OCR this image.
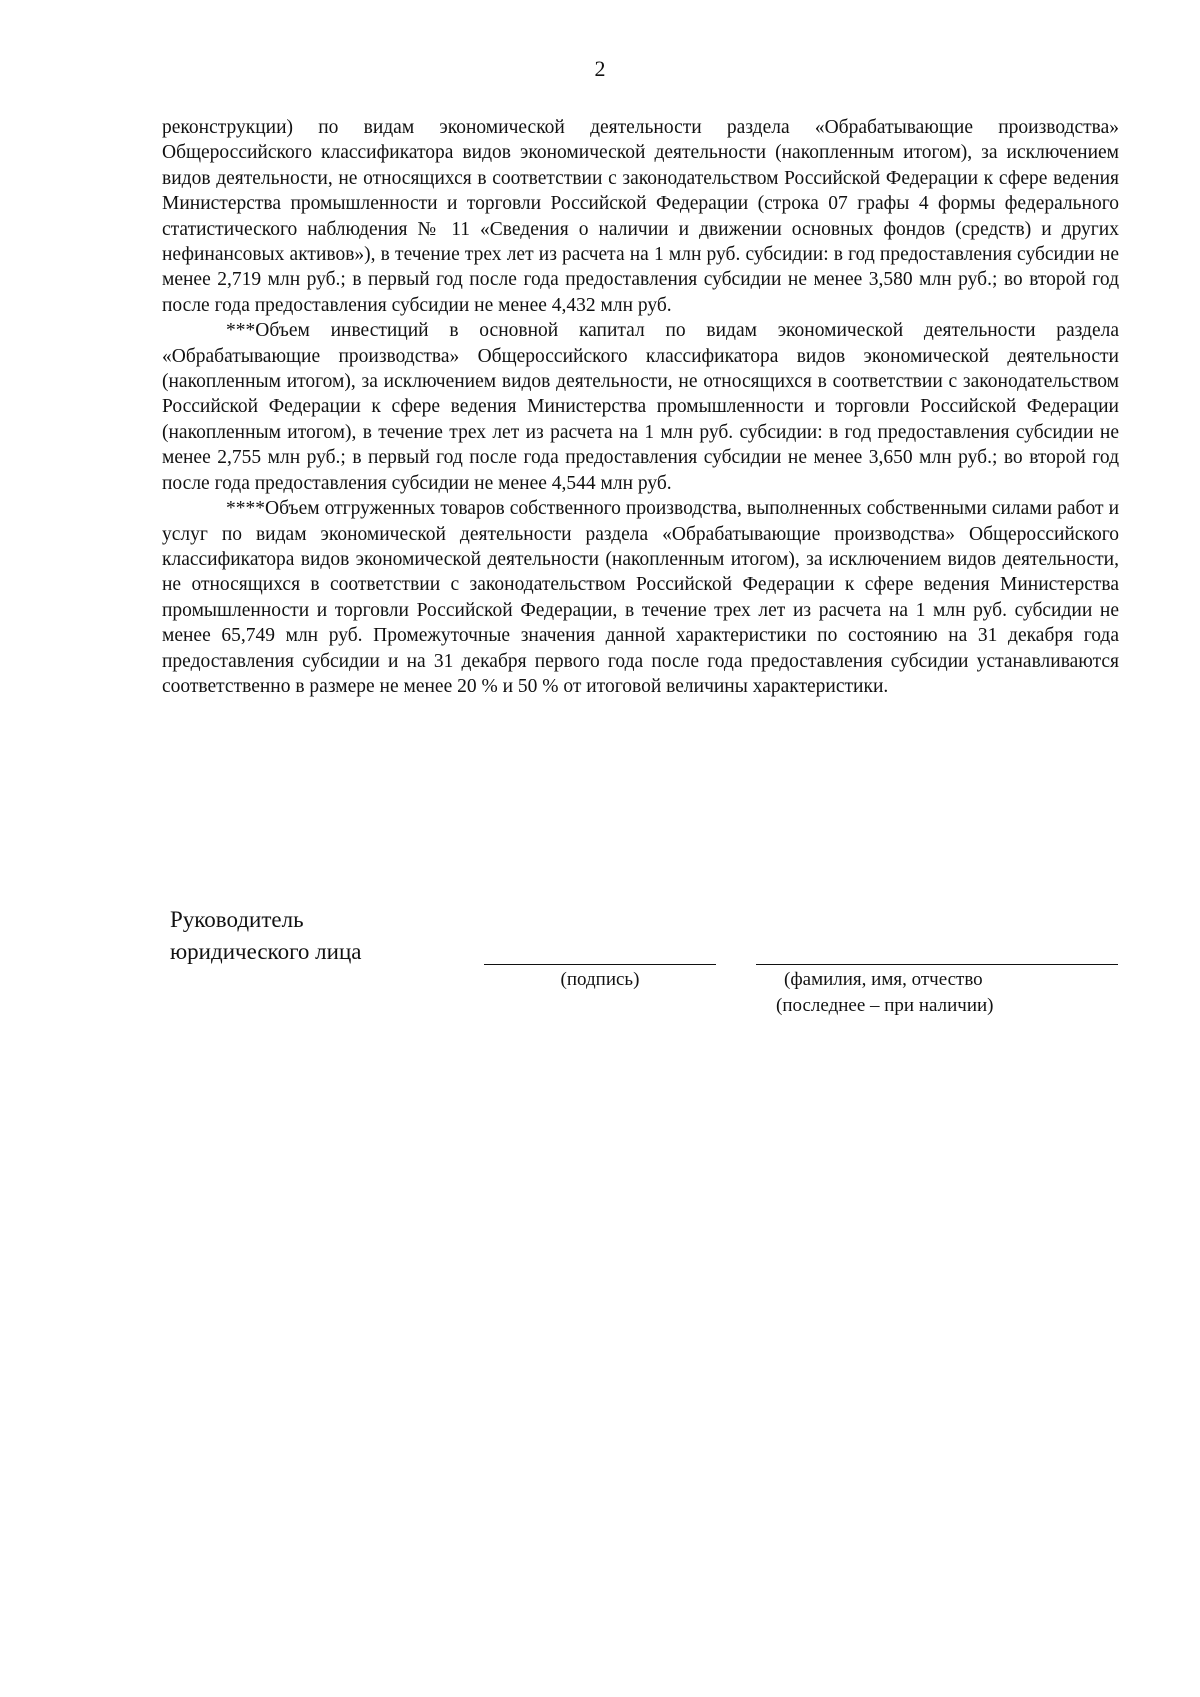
2

реконструкции) по видам экономической деятельности раздела «Обрабатывающие производства» Общероссийского классификатора видов экономической деятельности (накопленным итогом), за исключением видов деятельности, не относящихся в соответствии с законодательством Российской Федерации к сфере ведения Министерства промышленности и торговли Российской Федерации (строка 07 графы 4 формы федерального статистического наблюдения № 11 «Сведения о наличии и движении основных фондов (средств) и других нефинансовых активов»), в течение трех лет из расчета на 1 млн руб. субсидии: в год предоставления субсидии не менее 2,719 млн руб.; в первый год после года предоставления субсидии не менее 3,580 млн руб.; во второй год после года предоставления субсидии не менее 4,432 млн руб.

***Объем инвестиций в основной капитал по видам экономической деятельности раздела «Обрабатывающие производства» Общероссийского классификатора видов экономической деятельности (накопленным итогом), за исключением видов деятельности, не относящихся в соответствии с законодательством Российской Федерации к сфере ведения Министерства промышленности и торговли Российской Федерации (накопленным итогом), в течение трех лет из расчета на 1 млн руб. субсидии: в год предоставления субсидии не менее 2,755 млн руб.; в первый год после года предоставления субсидии не менее 3,650 млн руб.; во второй год после года предоставления субсидии не менее 4,544 млн руб.

****Объем отгруженных товаров собственного производства, выполненных собственными силами работ и услуг по видам экономической деятельности раздела «Обрабатывающие производства» Общероссийского классификатора видов экономической деятельности (накопленным итогом), за исключением видов деятельности, не относящихся в соответствии с законодательством Российской Федерации к сфере ведения Министерства промышленности и торговли Российской Федерации, в течение трех лет из расчета на 1 млн руб. субсидии не менее 65,749 млн руб. Промежуточные значения данной характеристики по состоянию на 31 декабря года предоставления субсидии и на 31 декабря первого года после года предоставления субсидии устанавливаются соответственно в размере не менее 20 % и 50 % от итоговой величины характеристики.

Руководитель
юридического лица
(подпись)	(фамилия, имя, отчество
(последнее – при наличии)
